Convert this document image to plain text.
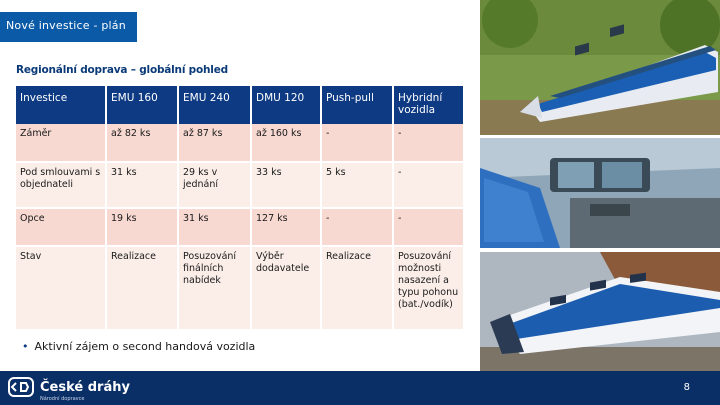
Nové investice - plán
Regionální doprava – globální pohled
Investice	EMU 160	EMU 240	DMU 120	Push-pull	Hybridní vozidla
Záměr	až 82 ks	až 87 ks	až 160 ks	-	-
Pod smlouvami s objednateli	31 ks	29 ks v jednání	33 ks	5 ks	-
Opce	19 ks	31 ks	127 ks	-	-
Stav	Realizace	Posuzování finálních nabídek	Výběr dodavatele	Realizace	Posuzování možnosti nasazení a typu pohonu (bat./vodík)
• Aktivní zájem o second handová vozidla
České dráhy
Národní dopravce
8
